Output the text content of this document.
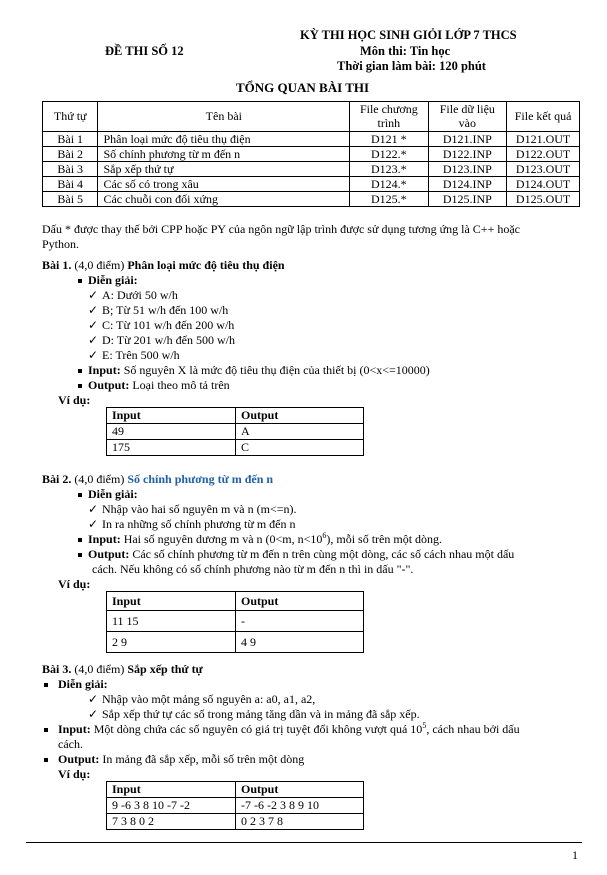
KỲ THI HỌC SINH GIỎI LỚP 7 THCS
ĐỀ THI SỐ 12	Môn thi: Tin học
Thời gian làm bài: 120 phút
TỔNG QUAN BÀI THI
Thứ tự	Tên bài	File chương trình	File dữ liệu vào	File kết quả
Bài 1	Phân loại mức độ tiêu thụ điện	D121 *	D121.INP	D121.OUT
Bài 2	Số chính phương từ m đến n	D122.*	D122.INP	D122.OUT
Bài 3	Sắp xếp thứ tự	D123.*	D123.INP	D123.OUT
Bài 4	Các số có trong xâu	D124.*	D124.INP	D124.OUT
Bài 5	Các chuỗi con đối xứng	D125.*	D125.INP	D125.OUT
Dấu * được thay thế bởi CPP hoặc PY của ngôn ngữ lập trình được sử dụng tương ứng là C++ hoặc
Python.
Bài 1. (4,0 điểm) Phân loại mức độ tiêu thụ điện
Diễn giải:
✓ A: Dưới 50 w/h
✓ B; Từ 51 w/h đến 100 w/h
✓ C: Từ 101 w/h đến 200 w/h
✓ D: Từ 201 w/h đến 500 w/h
✓ E: Trên 500 w/h
Input: Số nguyên X là mức độ tiêu thụ điện của thiết bị (0<x<=10000)
Output: Loại theo mô tả trên
Ví dụ:
Input	Output
49	A
175	C
Bài 2. (4,0 điểm) Số chính phương từ m đến n
Diễn giải:
✓ Nhập vào hai số nguyên m và n (m<=n).
✓ In ra những số chính phương từ m đến n
Input: Hai số nguyên dương m và n (0<m, $n<10^6$), mỗi số trên một dòng.
Output: Các số chính phương từ m đến n trên cùng một dòng, các số cách nhau một dấu
cách. Nếu không có số chính phương nào từ m đến n thì in dấu "-".
Ví dụ:
Input	Output
11 15	-
2 9	4 9
Bài 3. (4,0 điểm) Sắp xếp thứ tự
Diễn giải:
✓ Nhập vào một mảng số nguyên a: a0, a1, a2,
✓ Sắp xếp thứ tự các số trong mảng tăng dần và in mảng đã sắp xếp.
Input: Một dòng chứa các số nguyên có giá trị tuyệt đối không vượt quá $10^5$, cách nhau bởi dấu
cách.
Output: In mảng đã sắp xếp, mỗi số trên một dòng
Ví dụ:
Input	Output
9 -6 3 8 10 -7 -2	-7 -6 -2 3 8 9 10
7 3 8 0 2	0 2 3 7 8
1
